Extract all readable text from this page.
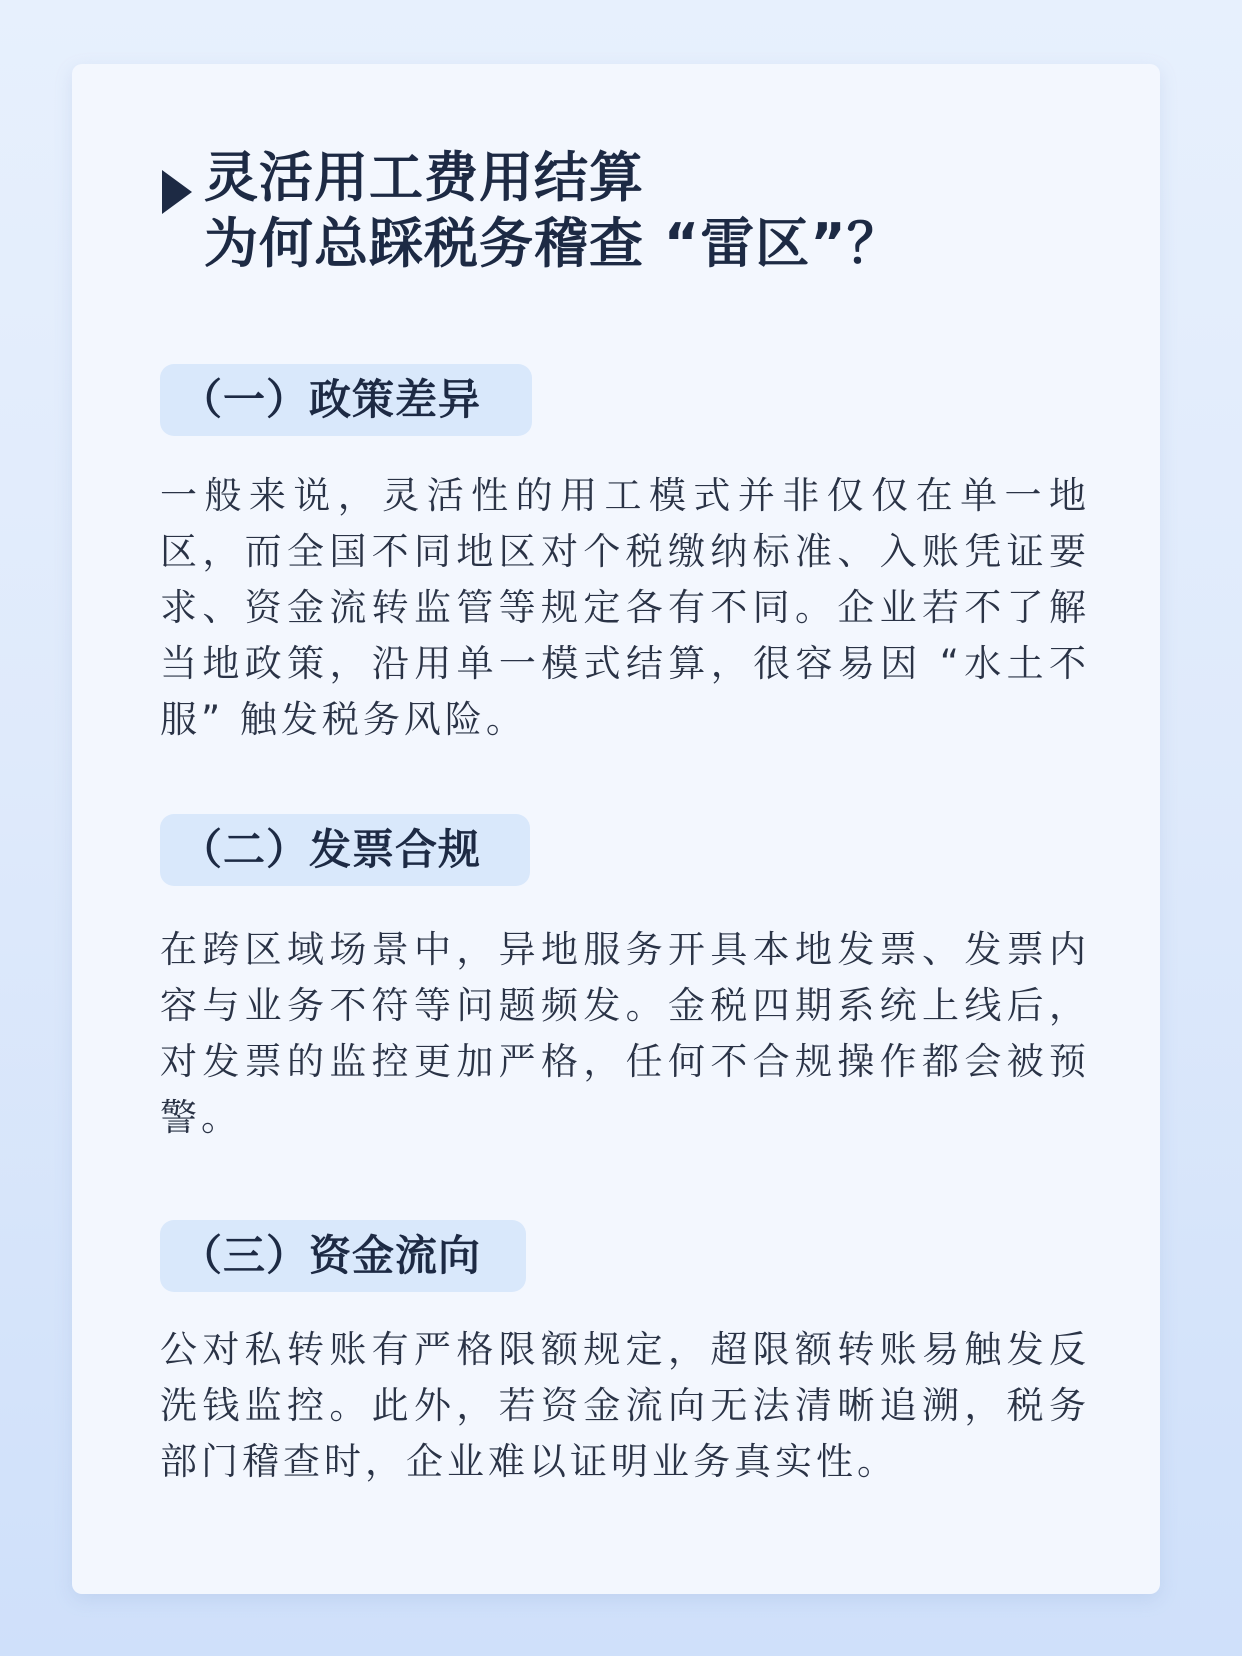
灵活用工费用结算
为何总踩税务稽查 “雷区”？
（一）政策差异

一般来说，灵活性的用工模式并非仅仅在单一地区，而全国不同地区对个税缴纳标准、入账凭证要求、资金流转监管等规定各有不同。企业若不了解当地政策，沿用单一模式结算，很容易因 “水土不服” 触发税务风险。

（二）发票合规

在跨区域场景中，异地服务开具本地发票、发票内容与业务不符等问题频发。金税四期系统上线后，对发票的监控更加严格，任何不合规操作都会被预警。

（三）资金流向

公对私转账有严格限额规定，超限额转账易触发反洗钱监控。此外，若资金流向无法清晰追溯，税务部门稽查时，企业难以证明业务真实性。
